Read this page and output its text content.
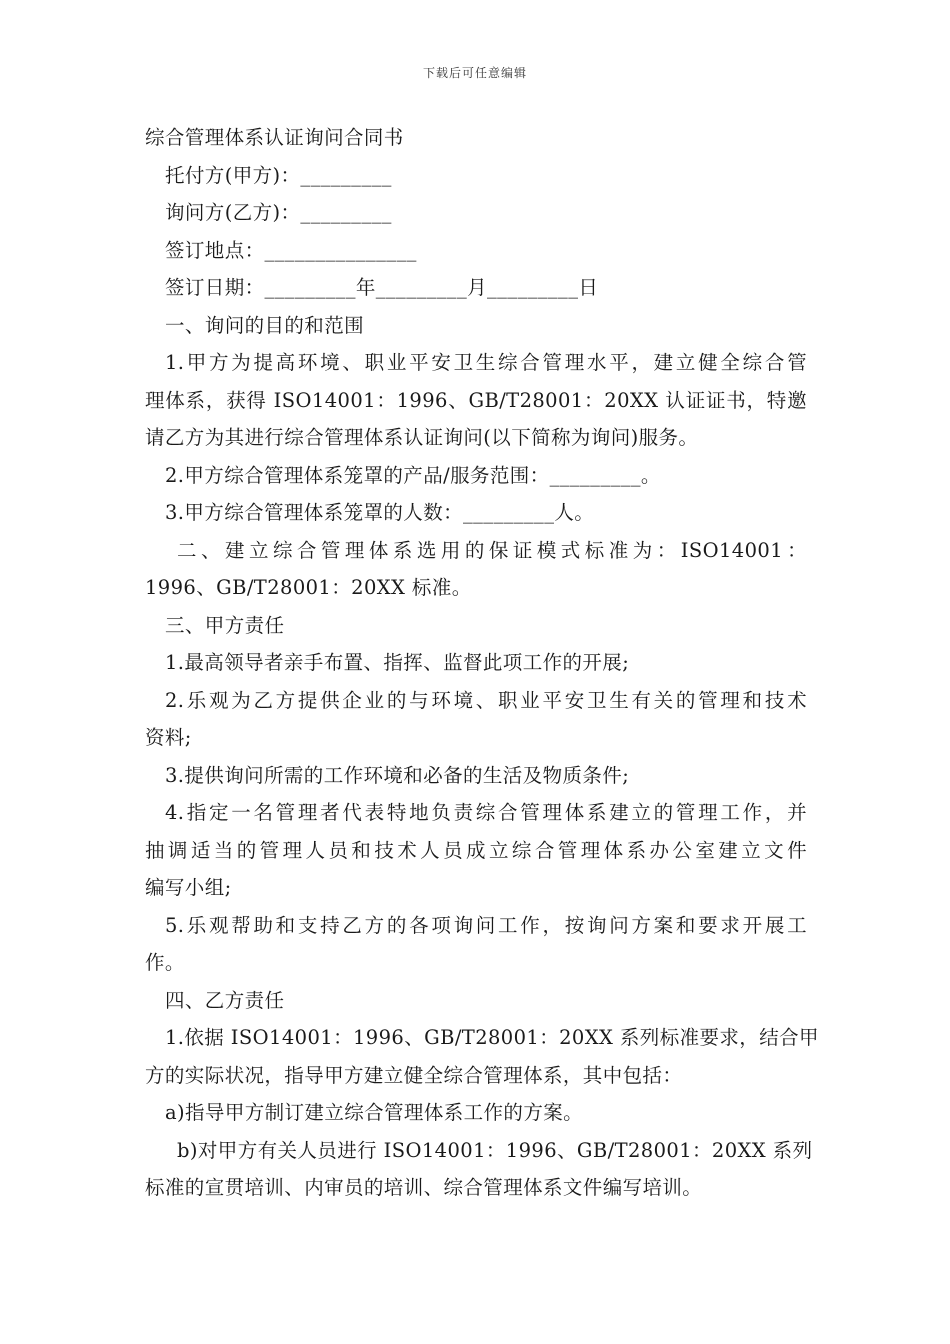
下载后可任意编辑
综合管理体系认证询问合同书
托付方(甲方)：_________
询问方(乙方)：_________
签订地点：_______________
签订日期：_________年_________月_________日
一、询问的目的和范围
1.甲方为提高环境、职业平安卫生综合管理水平，建立健全综合管
理体系，获得 ISO14001：1996、GB/T28001：20XX 认证证书，特邀
请乙方为其进行综合管理体系认证询问(以下简称为询问)服务。
2.甲方综合管理体系笼罩的产品/服务范围：_________。
3.甲方综合管理体系笼罩的人数：_________人。
二、建立综合管理体系选用的保证模式标准为：ISO14001：
1996、GB/T28001：20XX 标准。
三、甲方责任
1.最高领导者亲手布置、指挥、监督此项工作的开展;
2.乐观为乙方提供企业的与环境、职业平安卫生有关的管理和技术
资料;
3.提供询问所需的工作环境和必备的生活及物质条件;
4.指定一名管理者代表特地负责综合管理体系建立的管理工作，并
抽调适当的管理人员和技术人员成立综合管理体系办公室建立文件
编写小组;
5.乐观帮助和支持乙方的各项询问工作，按询问方案和要求开展工
作。
四、乙方责任
1.依据 ISO14001：1996、GB/T28001：20XX 系列标准要求，结合甲
方的实际状况，指导甲方建立健全综合管理体系，其中包括：
a)指导甲方制订建立综合管理体系工作的方案。
b)对甲方有关人员进行 ISO14001：1996、GB/T28001：20XX 系列
标准的宣贯培训、内审员的培训、综合管理体系文件编写培训。
